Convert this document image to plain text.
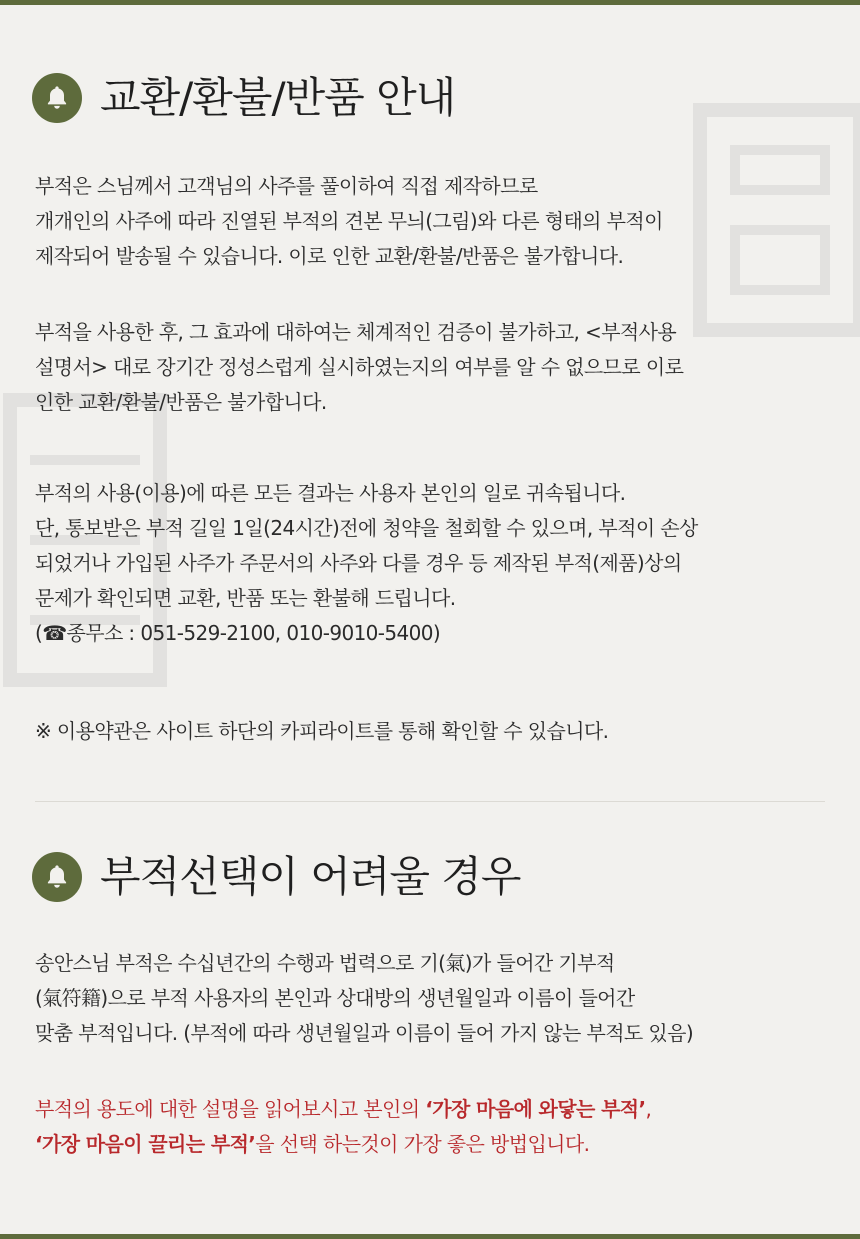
교환/환불/반품 안내

부적은 스님께서 고객님의 사주를 풀이하여 직접 제작하므로
개개인의 사주에 따라 진열된 부적의 견본 무늬(그림)와 다른 형태의 부적이
제작되어 발송될 수 있습니다. 이로 인한 교환/환불/반품은 불가합니다.

부적을 사용한 후, 그 효과에 대하여는 체계적인 검증이 불가하고, <부적사용
설명서> 대로 장기간 정성스럽게 실시하였는지의 여부를 알 수 없으므로 이로
인한 교환/환불/반품은 불가합니다.

부적의 사용(이용)에 따른 모든 결과는 사용자 본인의 일로 귀속됩니다.
단, 통보받은 부적 길일 1일(24시간)전에 청약을 철회할 수 있으며, 부적이 손상
되었거나 가입된 사주가 주문서의 사주와 다를 경우 등 제작된 부적(제품)상의
문제가 확인되면 교환, 반품 또는 환불해 드립니다.
(☎종무소 : 051-529-2100, 010-9010-5400)

※ 이용약관은 사이트 하단의 카피라이트를 통해 확인할 수 있습니다.

부적선택이 어려울 경우

송안스님 부적은 수십년간의 수행과 법력으로 기(氣)가 들어간 기부적
(氣符籍)으로 부적 사용자의 본인과 상대방의 생년월일과 이름이 들어간
맞춤 부적입니다. (부적에 따라 생년월일과 이름이 들어 가지 않는 부적도 있음)

부적의 용도에 대한 설명을 읽어보시고 본인의 ‘가장 마음에 와닿는 부적’,
‘가장 마음이 끌리는 부적’을 선택 하는것이 가장 좋은 방법입니다.
